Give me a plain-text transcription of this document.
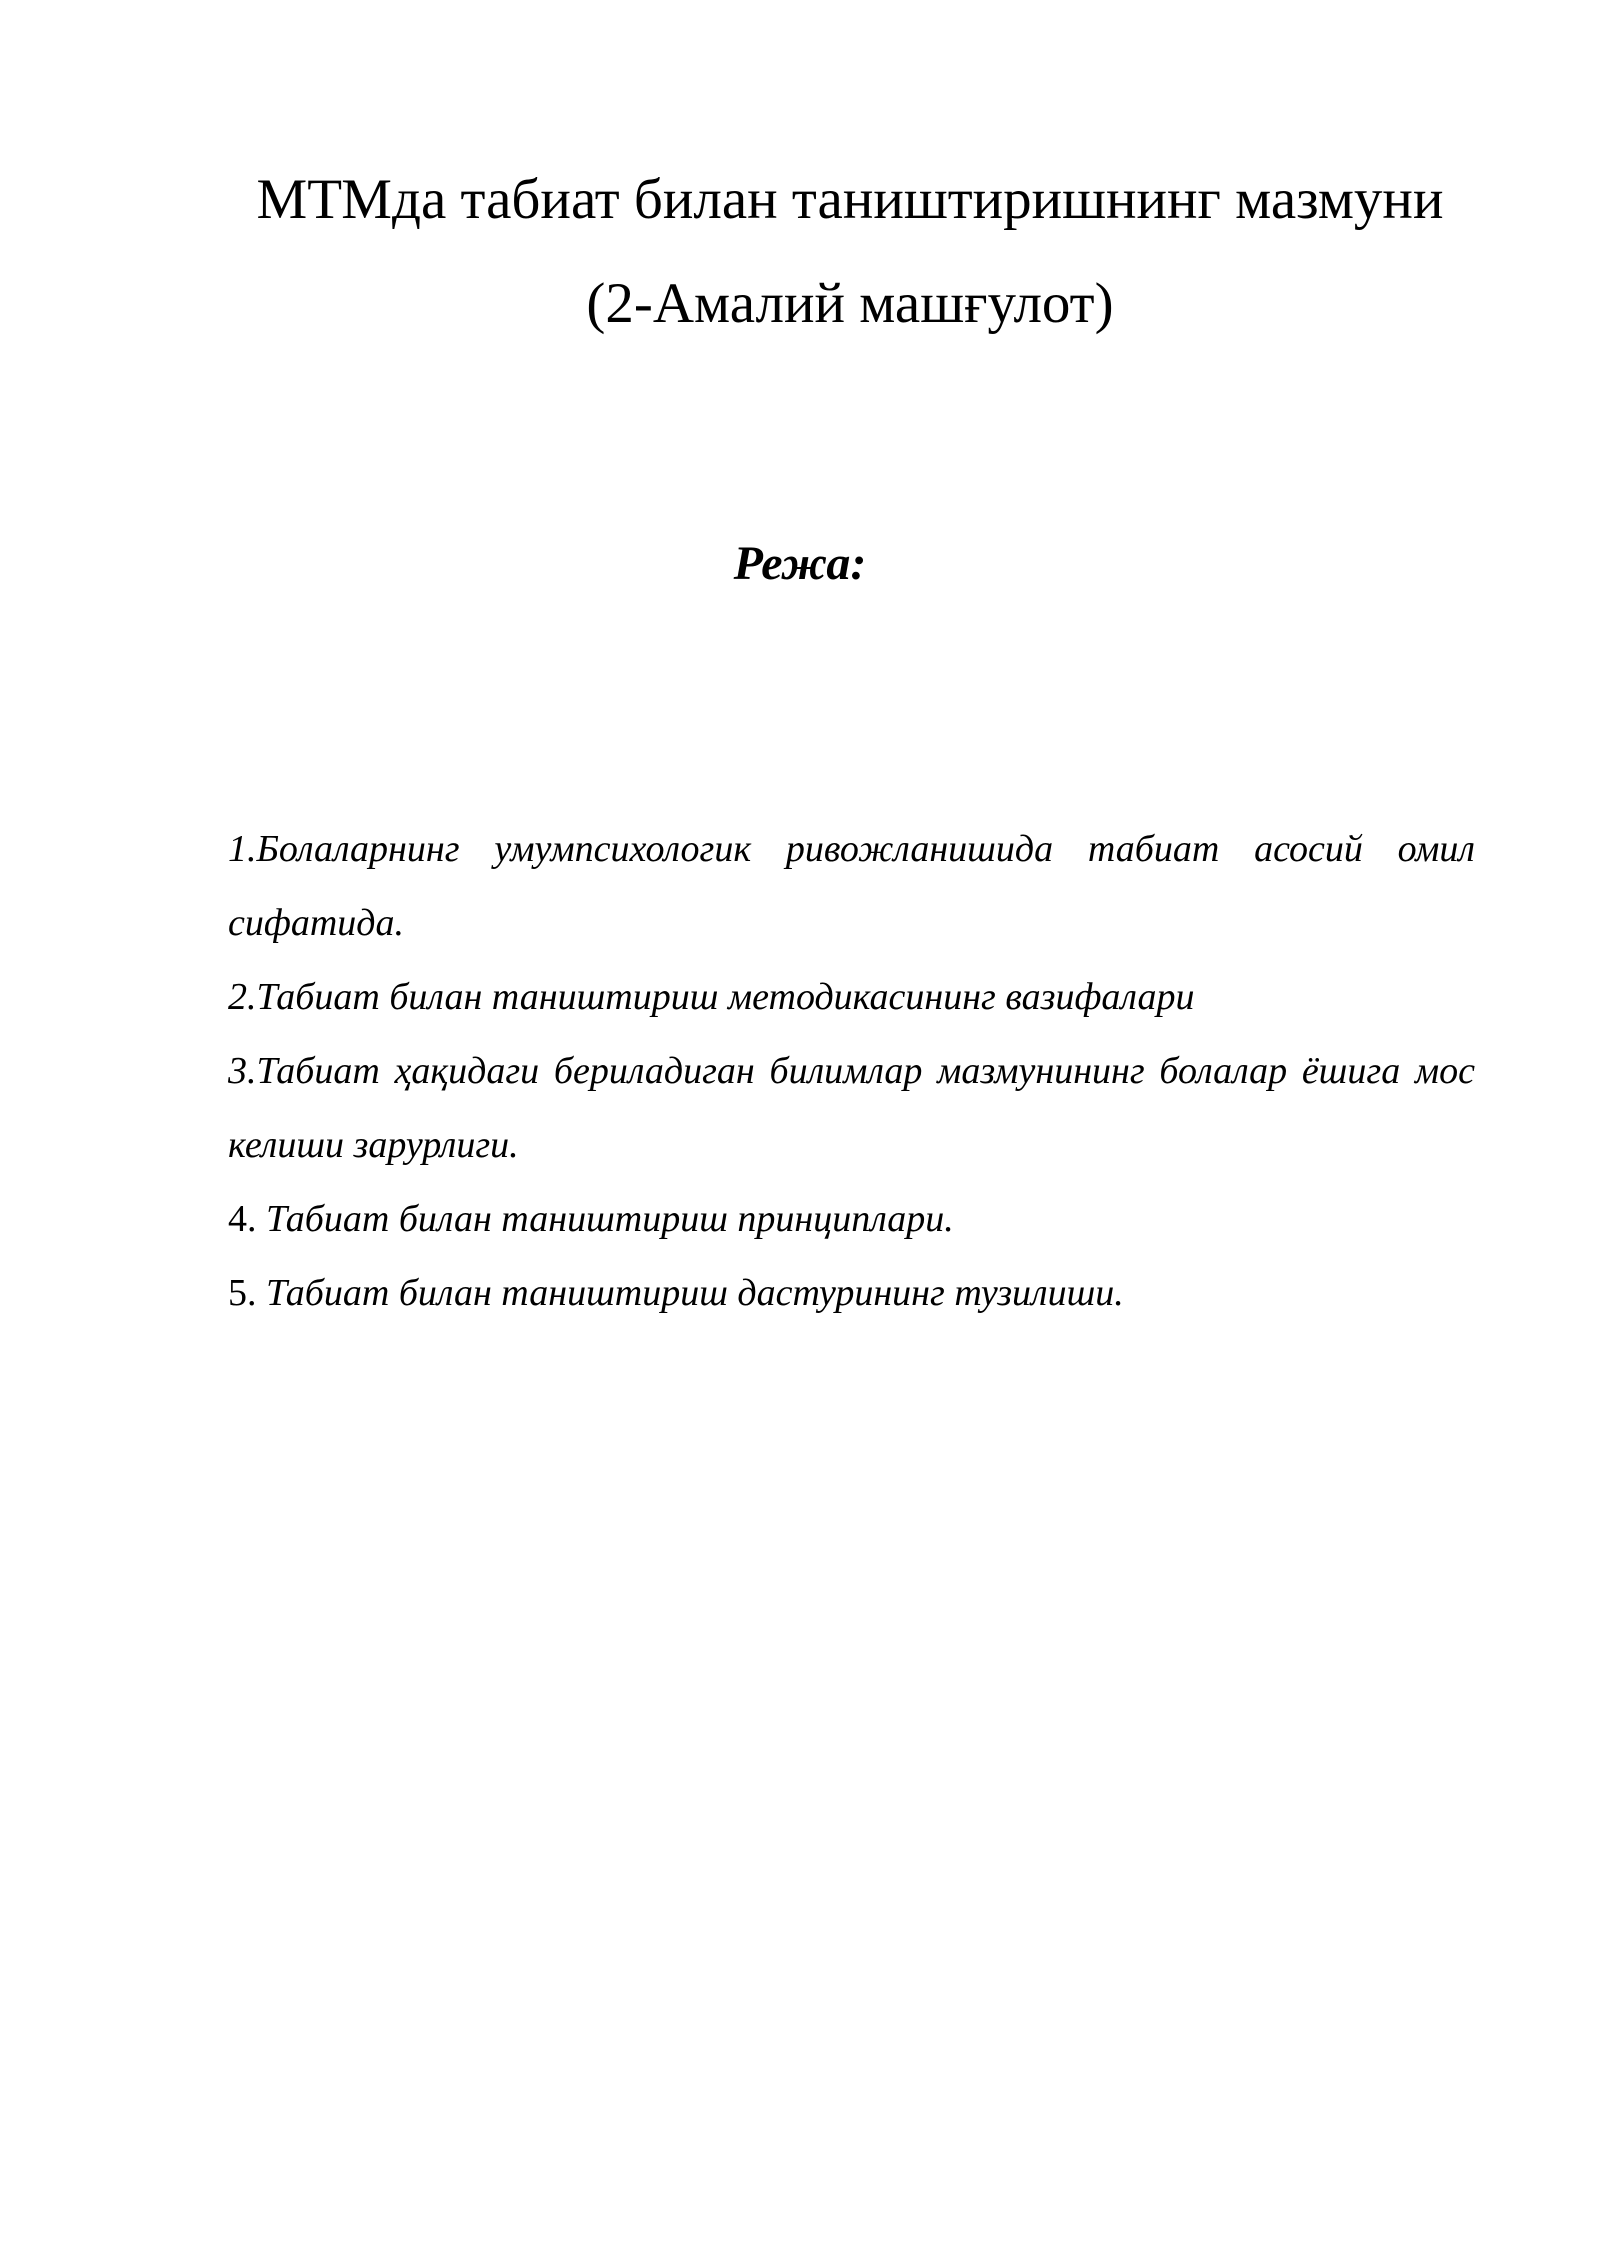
МТМда табиат билан таништиришнинг мазмуни
(2-Амалий машғулот)
Режа:
1.Болаларнинг умумпсихологик ривожланишида табиат асосий омил сифатида.
2.Табиат билан таништириш методикасининг вазифалари
3.Табиат ҳақидаги бериладиган билимлар мазмунининг болалар ёшига мос келиши зарурлиги.
4. Табиат билан таништириш принциплари.
5. Табиат билан таништириш дастурининг тузилиши.
